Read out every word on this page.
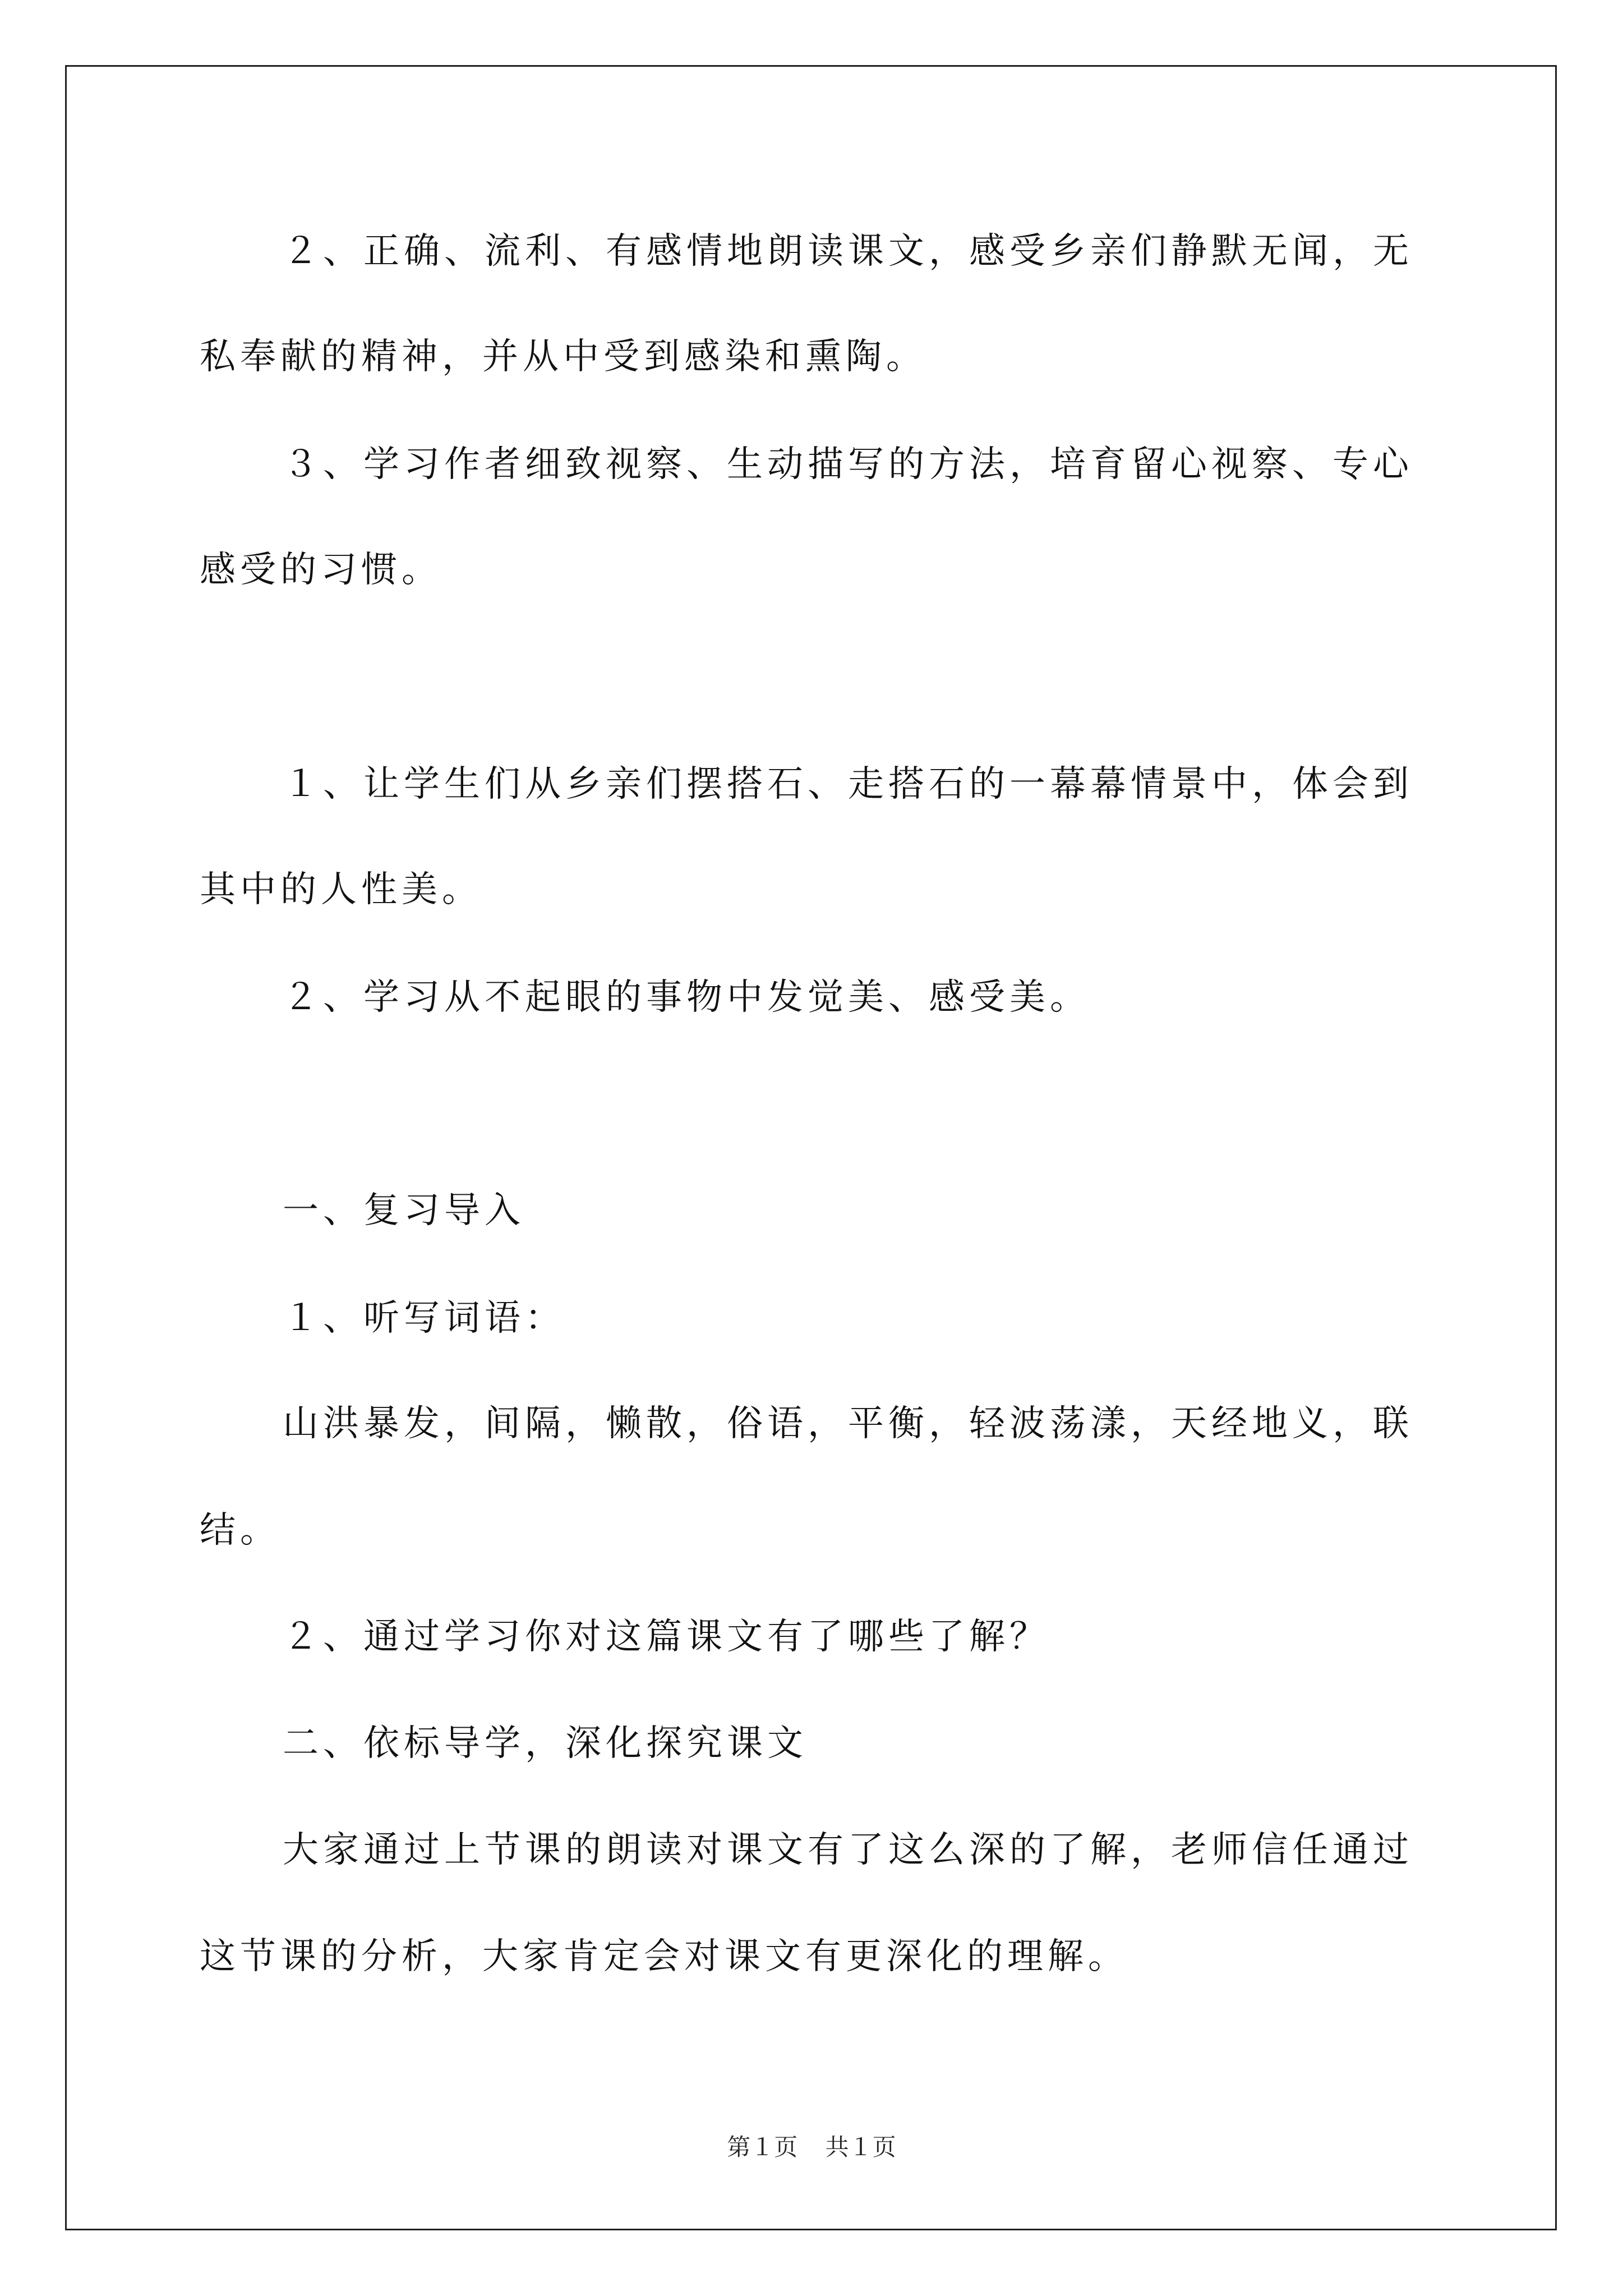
２、正确、流利、有感情地朗读课文，感受乡亲们静默无闻，无
私奉献的精神，并从中受到感染和熏陶。
３、学习作者细致视察、生动描写的方法，培育留心视察、专心
感受的习惯。
１、让学生们从乡亲们摆搭石、走搭石的一幕幕情景中，体会到
其中的人性美。
２、学习从不起眼的事物中发觉美、感受美。
一、复习导入
１、听写词语：
山洪暴发，间隔，懒散，俗语，平衡，轻波荡漾，天经地义，联
结。
２、通过学习你对这篇课文有了哪些了解？
二、依标导学，深化探究课文
大家通过上节课的朗读对课文有了这么深的了解，老师信任通过
这节课的分析，大家肯定会对课文有更深化的理解。
第１页 共１页
